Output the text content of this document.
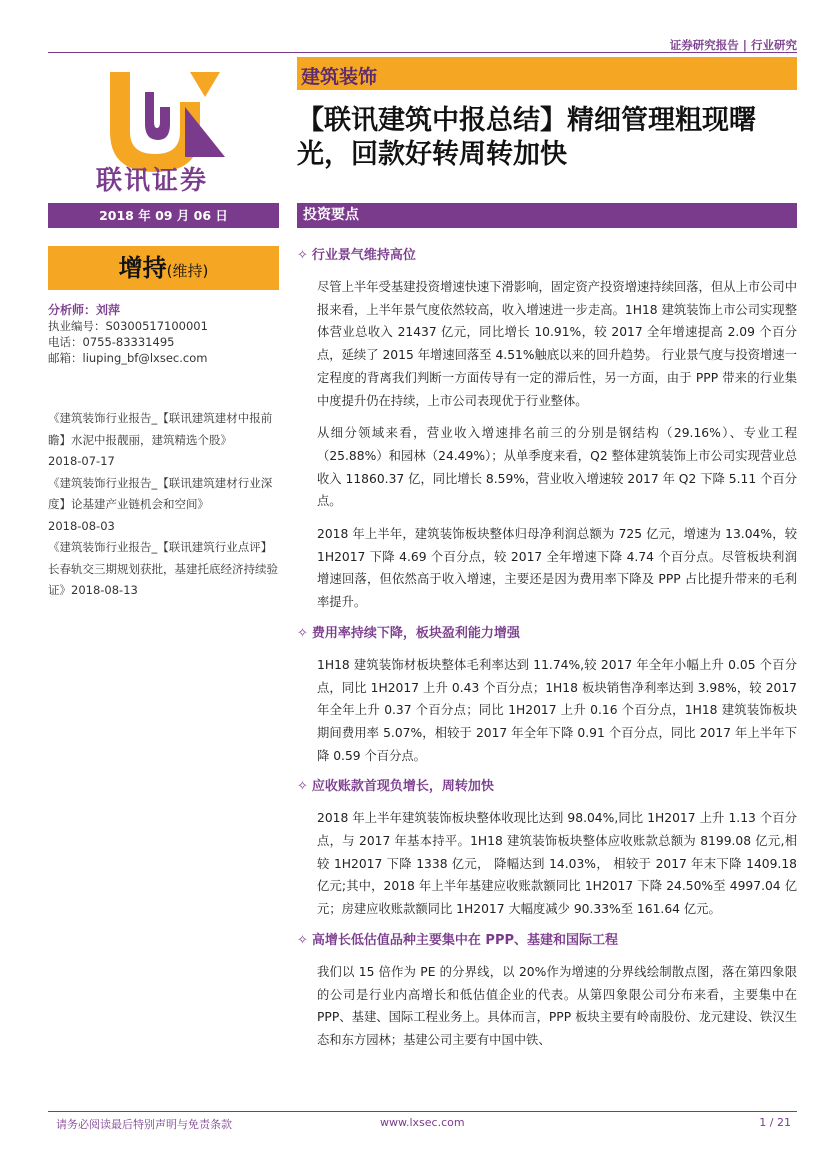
证券研究报告 | 行业研究
联讯证券
建筑装饰
【联讯建筑中报总结】精细管理粗现曙光，回款好转周转加快
2018 年 09 月 06 日	投资要点
增持(维持)
分析师：刘萍
执业编号：S0300517100001
电话：0755-83331495
邮箱：liuping_bf@lxsec.com
《建筑装饰行业报告_【联讯建筑建材中报前瞻】水泥中报靓丽，建筑精选个股》
2018-07-17
《建筑装饰行业报告_【联讯建筑建材行业深度】论基建产业链机会和空间》
2018-08-03
《建筑装饰行业报告_【联讯建筑行业点评】长春轨交三期规划获批，基建托底经济持续验证》2018-08-13
✧ 行业景气维持高位

尽管上半年受基建投资增速快速下滑影响，固定资产投资增速持续回落，但从上市公司中报来看，上半年景气度依然较高，收入增速进一步走高。1H18 建筑装饰上市公司实现整体营业总收入 21437 亿元，同比增长 10.91%，较 2017 全年增速提高 2.09 个百分点，延续了 2015 年增速回落至 4.51%触底以来的回升趋势。 行业景气度与投资增速一定程度的背离我们判断一方面传导有一定的滞后性，另一方面，由于 PPP 带来的行业集中度提升仍在持续，上市公司表现优于行业整体。

从细分领域来看，营业收入增速排名前三的分别是钢结构（29.16%）、专业工程（25.88%）和园林（24.49%）；从单季度来看，Q2 整体建筑装饰上市公司实现营业总收入 11860.37 亿，同比增长 8.59%，营业收入增速较 2017 年 Q2 下降 5.11 个百分点。

2018 年上半年，建筑装饰板块整体归母净利润总额为 725 亿元，增速为 13.04%，较 1H2017 下降 4.69 个百分点，较 2017 全年增速下降 4.74 个百分点。尽管板块利润增速回落，但依然高于收入增速，主要还是因为费用率下降及 PPP 占比提升带来的毛利率提升。

✧ 费用率持续下降，板块盈利能力增强

1H18 建筑装饰材板块整体毛利率达到 11.74%,较 2017 年全年小幅上升 0.05 个百分点，同比 1H2017 上升 0.43 个百分点；1H18 板块销售净利率达到 3.98%，较 2017 年全年上升 0.37 个百分点；同比 1H2017 上升 0.16 个百分点，1H18 建筑装饰板块期间费用率 5.07%，相较于 2017 年全年下降 0.91 个百分点，同比 2017 年上半年下降 0.59 个百分点。

✧ 应收账款首现负增长，周转加快

2018 年上半年建筑装饰板块整体收现比达到 98.04%,同比 1H2017 上升 1.13 个百分点，与 2017 年基本持平。1H18 建筑装饰板块整体应收账款总额为 8199.08 亿元,相较 1H2017 下降 1338 亿元， 降幅达到 14.03%， 相较于 2017 年末下降 1409.18 亿元;其中，2018 年上半年基建应收账款额同比 1H2017 下降 24.50%至 4997.04 亿元；房建应收账款额同比 1H2017 大幅度减少 90.33%至 161.64 亿元。

✧ 高增长低估值品种主要集中在 PPP、基建和国际工程

我们以 15 倍作为 PE 的分界线，以 20%作为增速的分界线绘制散点图，落在第四象限的公司是行业内高增长和低估值企业的代表。从第四象限公司分布来看，主要集中在 PPP、基建、国际工程业务上。具体而言，PPP 板块主要有岭南股份、龙元建设、铁汉生态和东方园林；基建公司主要有中国中铁、

请务必阅读最后特别声明与免责条款	www.lxsec.com	1 / 21
